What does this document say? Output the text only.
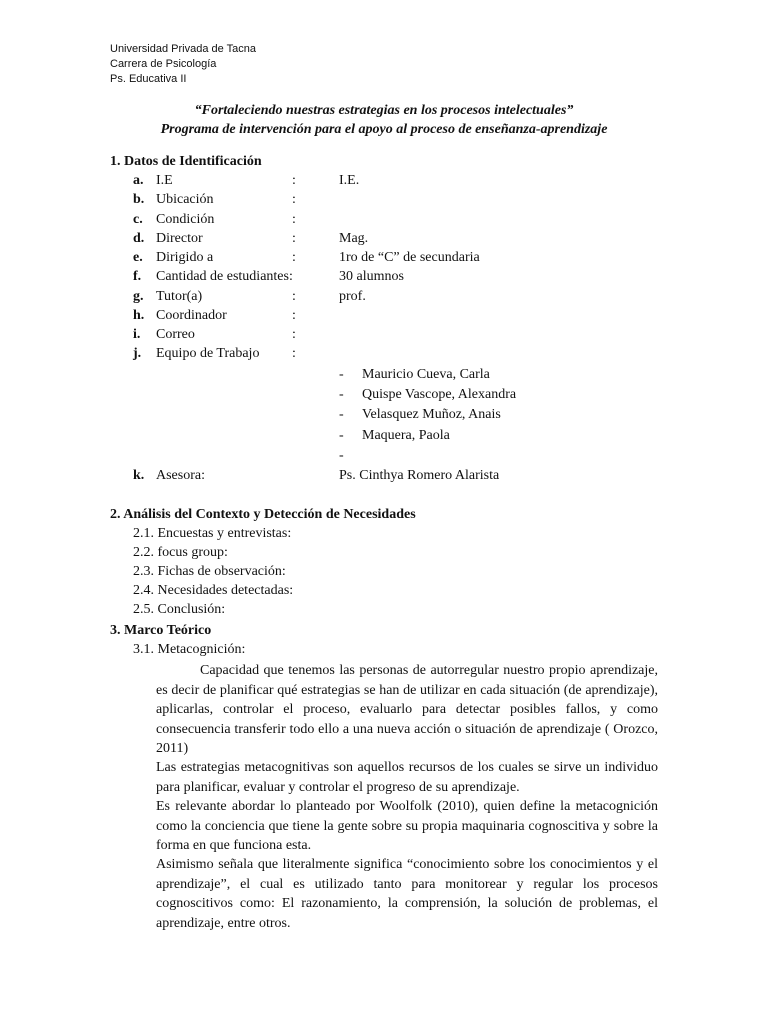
Universidad Privada de Tacna
Carrera de Psicología
Ps. Educativa II
“Fortaleciendo nuestras estrategias en los procesos intelectuales”
Programa de intervención para el apoyo al proceso de enseñanza-aprendizaje
1. Datos de Identificación
a. I.E	:	I.E.
b. Ubicación	:
c. Condición	:
d. Director	:	Mag.
e. Dirigido a	:	1ro de “C” de secundaria
f. Cantidad de estudiantes:	30 alumnos
g. Tutor(a)	:	prof.
h. Coordinador	:
i. Correo	:
j. Equipo de Trabajo :
- Mauricio Cueva, Carla
- Quispe Vascope, Alexandra
- Velasquez Muñoz, Anais
- Maquera, Paola
-
k. Asesora:	Ps. Cinthya Romero Alarista
2. Análisis del Contexto y Detección de Necesidades
2.1. Encuestas y entrevistas:
2.2. focus group:
2.3. Fichas de observación:
2.4. Necesidades detectadas:
2.5. Conclusión:
3. Marco Teórico
3.1. Metacognición:

Capacidad que tenemos las personas de autorregular nuestro propio aprendizaje, es decir de planificar qué estrategias se han de utilizar en cada situación (de aprendizaje), aplicarlas, controlar el proceso, evaluarlo para detectar posibles fallos, y como consecuencia transferir todo ello a una nueva acción o situación de aprendizaje ( Orozco, 2011)

Las estrategias metacognitivas son aquellos recursos de los cuales se sirve un individuo para planificar, evaluar y controlar el progreso de su aprendizaje.

Es relevante abordar lo planteado por Woolfolk (2010), quien define la metacognición como la conciencia que tiene la gente sobre su propia maquinaria cognoscitiva y sobre la forma en que funciona esta.

Asimismo señala que literalmente significa “conocimiento sobre los conocimientos y el aprendizaje”, el cual es utilizado tanto para monitorear y regular los procesos cognoscitivos como: El razonamiento, la comprensión, la solución de problemas, el aprendizaje, entre otros.
